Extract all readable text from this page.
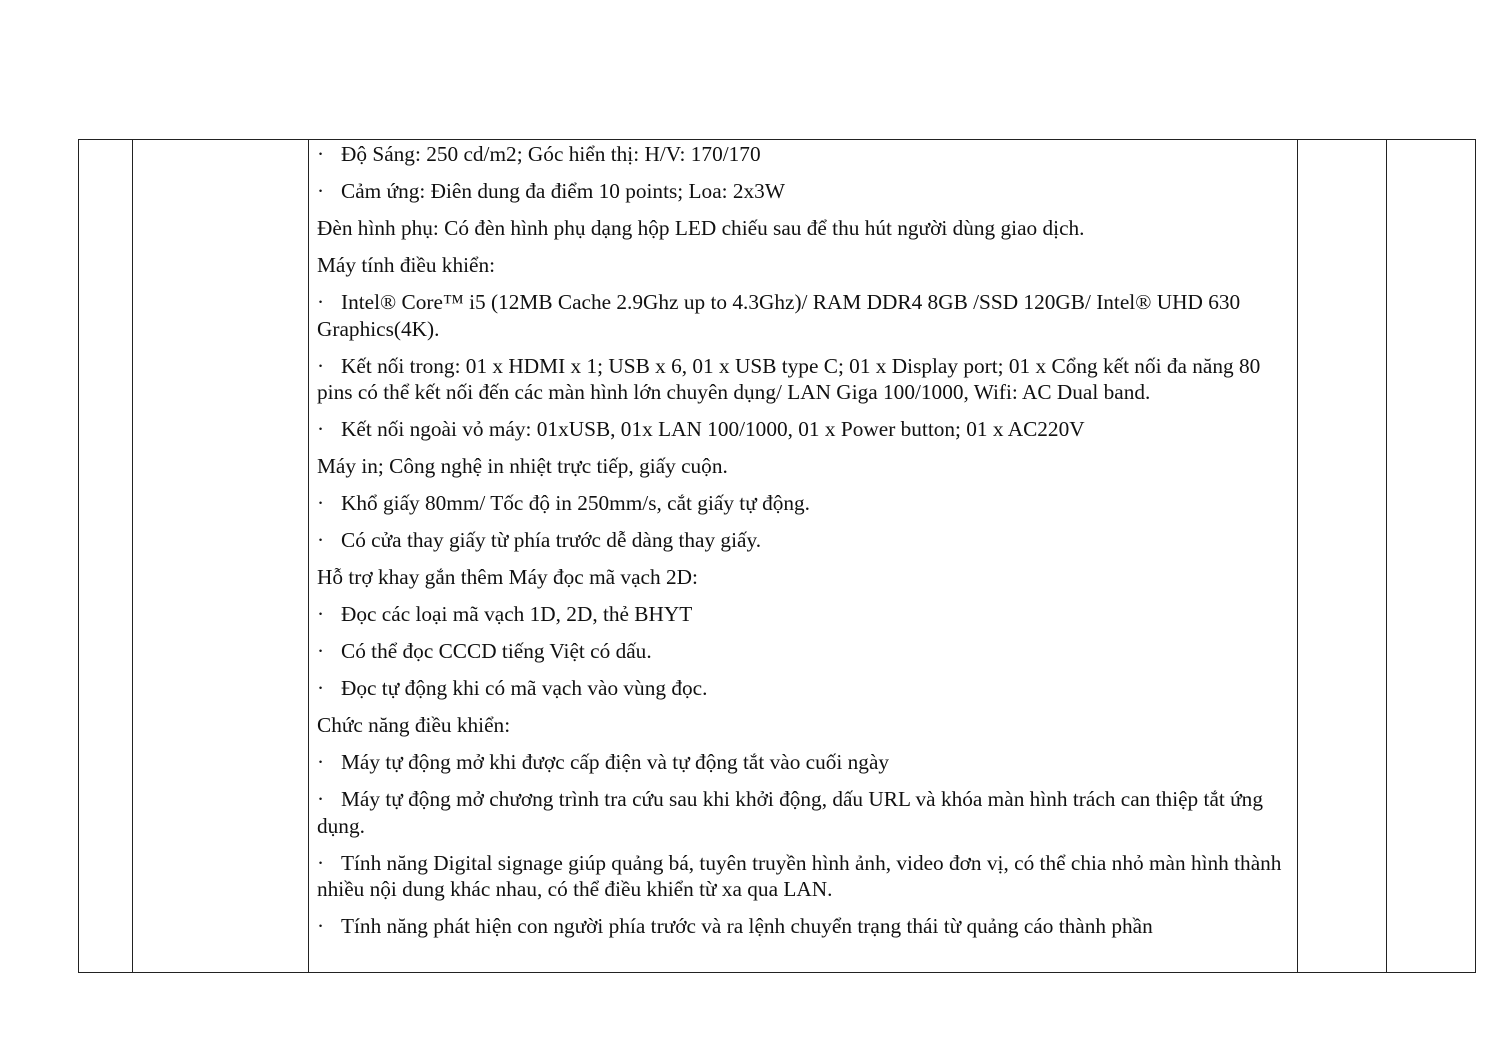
· Độ Sáng: 250 cd/m2; Góc hiển thị: H/V: 170/170

· Cảm ứng: Điên dung đa điểm 10 points; Loa: 2x3W

Đèn hình phụ: Có đèn hình phụ dạng hộp LED chiếu sau để thu hút người dùng giao dịch.

Máy tính điều khiển:

· Intel® Core™ i5 (12MB Cache 2.9Ghz up to 4.3Ghz)/ RAM DDR4 8GB /SSD 120GB/ Intel® UHD 630 Graphics(4K).

· Kết nối trong: 01 x HDMI x 1; USB x 6, 01 x USB type C; 01 x Display port; 01 x Cổng kết nối đa năng 80 pins có thể kết nối đến các màn hình lớn chuyên dụng/ LAN Giga 100/1000, Wifi: AC Dual band.

· Kết nối ngoài vỏ máy: 01xUSB, 01x LAN 100/1000, 01 x Power button; 01 x AC220V

Máy in; Công nghệ in nhiệt trực tiếp, giấy cuộn.

· Khổ giấy 80mm/ Tốc độ in 250mm/s, cắt giấy tự động.

· Có cửa thay giấy từ phía trước dễ dàng thay giấy.

Hỗ trợ khay gắn thêm Máy đọc mã vạch 2D:

· Đọc các loại mã vạch 1D, 2D, thẻ BHYT

· Có thể đọc CCCD tiếng Việt có dấu.

· Đọc tự động khi có mã vạch vào vùng đọc.

Chức năng điều khiển:

· Máy tự động mở khi được cấp điện và tự động tắt vào cuối ngày

· Máy tự động mở chương trình tra cứu sau khi khởi động, dấu URL và khóa màn hình trách can thiệp tắt ứng dụng.

· Tính năng Digital signage giúp quảng bá, tuyên truyền hình ảnh, video đơn vị, có thể chia nhỏ màn hình thành nhiều nội dung khác nhau, có thể điều khiển từ xa qua LAN.

· Tính năng phát hiện con người phía trước và ra lệnh chuyển trạng thái từ quảng cáo thành phần
